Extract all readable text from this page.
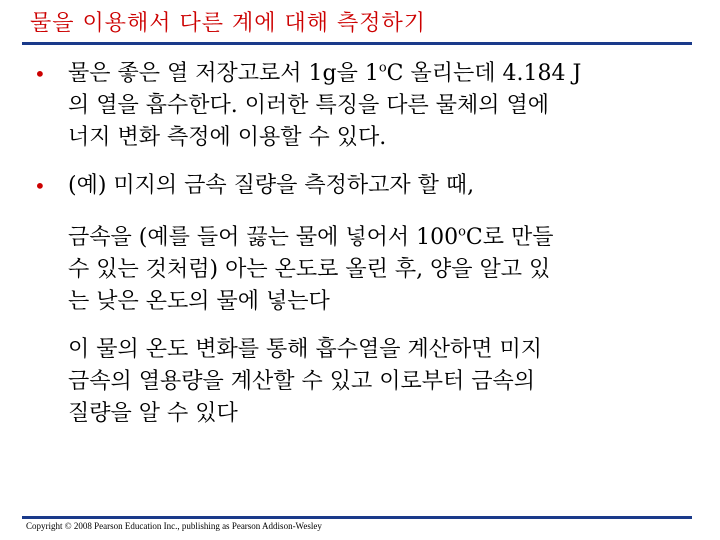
물을 이용해서 다른 계에 대해 측정하기
•	물은 좋은 열 저장고로서 1g을 1$^o$C 올리는데 4.184 J
의 열을 흡수한다. 이러한 특징을 다른 물체의 열에
너지 변화 측정에 이용할 수 있다.
•	(예) 미지의 금속 질량을 측정하고자 할 때,
금속을 (예를 들어 끓는 물에 넣어서 100$^o$C로 만들
수 있는 것처럼) 아는 온도로 올린 후, 양을 알고 있
는 낮은 온도의 물에 넣는다
이 물의 온도 변화를 통해 흡수열을 계산하면 미지
금속의 열용량을 계산할 수 있고 이로부터 금속의
질량을 알 수 있다
Copyright © 2008 Pearson Education Inc., publishing as Pearson Addison-Wesley
